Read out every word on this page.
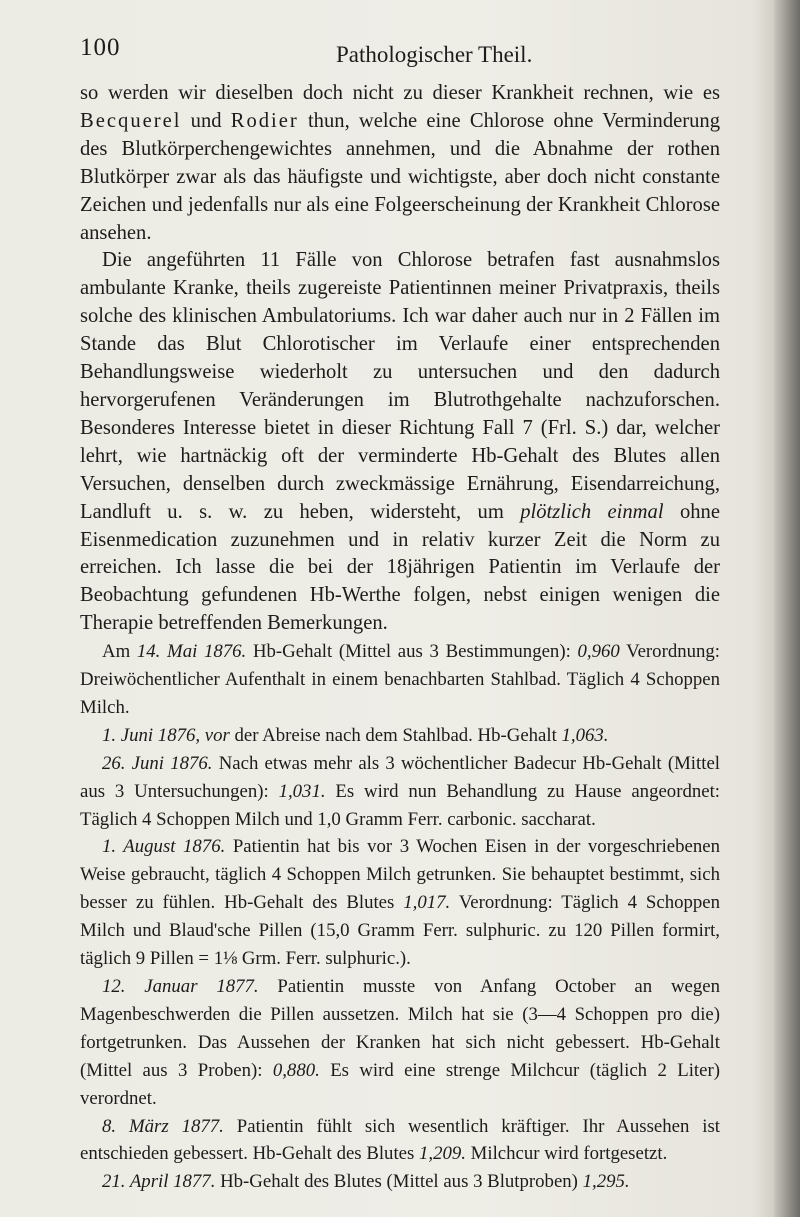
100	Pathologischer Theil.

so werden wir dieselben doch nicht zu dieser Krankheit rechnen, wie es Becquerel und Rodier thun, welche eine Chlorose ohne Verminderung des Blutkörperchengewichtes annehmen, und die Abnahme der rothen Blutkörper zwar als das häufigste und wichtigste, aber doch nicht constante Zeichen und jedenfalls nur als eine Folgeerscheinung der Krankheit Chlorose ansehen.

Die angeführten 11 Fälle von Chlorose betrafen fast ausnahmslos ambulante Kranke, theils zugereiste Patientinnen meiner Privatpraxis, theils solche des klinischen Ambulatoriums. Ich war daher auch nur in 2 Fällen im Stande das Blut Chlorotischer im Verlaufe einer entsprechenden Behandlungsweise wiederholt zu untersuchen und den dadurch hervorgerufenen Veränderungen im Blutrothgehalte nachzuforschen. Besonderes Interesse bietet in dieser Richtung Fall 7 (Frl. S.) dar, welcher lehrt, wie hartnäckig oft der verminderte Hb-Gehalt des Blutes allen Versuchen, denselben durch zweckmässige Ernährung, Eisendarreichung, Landluft u. s. w. zu heben, widersteht, um plötzlich einmal ohne Eisenmedication zuzunehmen und in relativ kurzer Zeit die Norm zu erreichen. Ich lasse die bei der 18jährigen Patientin im Verlaufe der Beobachtung gefundenen Hb-Werthe folgen, nebst einigen wenigen die Therapie betreffenden Bemerkungen.

Am 14. Mai 1876. Hb-Gehalt (Mittel aus 3 Bestimmungen): 0,960 Verordnung: Dreiwöchentlicher Aufenthalt in einem benachbarten Stahlbad. Täglich 4 Schoppen Milch.

1. Juni 1876, vor der Abreise nach dem Stahlbad. Hb-Gehalt 1,063.

26. Juni 1876. Nach etwas mehr als 3 wöchentlicher Badecur Hb-Gehalt (Mittel aus 3 Untersuchungen): 1,031. Es wird nun Behandlung zu Hause angeordnet: Täglich 4 Schoppen Milch und 1,0 Gramm Ferr. carbonic. saccharat.

1. August 1876. Patientin hat bis vor 3 Wochen Eisen in der vorgeschriebenen Weise gebraucht, täglich 4 Schoppen Milch getrunken. Sie behauptet bestimmt, sich besser zu fühlen. Hb-Gehalt des Blutes 1,017. Verordnung: Täglich 4 Schoppen Milch und Blaud'sche Pillen (15,0 Gramm Ferr. sulphuric. zu 120 Pillen formirt, täglich 9 Pillen = 1⅛ Grm. Ferr. sulphuric.).

12. Januar 1877. Patientin musste von Anfang October an wegen Magenbeschwerden die Pillen aussetzen. Milch hat sie (3—4 Schoppen pro die) fortgetrunken. Das Aussehen der Kranken hat sich nicht gebessert. Hb-Gehalt (Mittel aus 3 Proben): 0,880. Es wird eine strenge Milchcur (täglich 2 Liter) verordnet.

8. März 1877. Patientin fühlt sich wesentlich kräftiger. Ihr Aussehen ist entschieden gebessert. Hb-Gehalt des Blutes 1,209. Milchcur wird fortgesetzt.

21. April 1877. Hb-Gehalt des Blutes (Mittel aus 3 Blutproben) 1,295.
